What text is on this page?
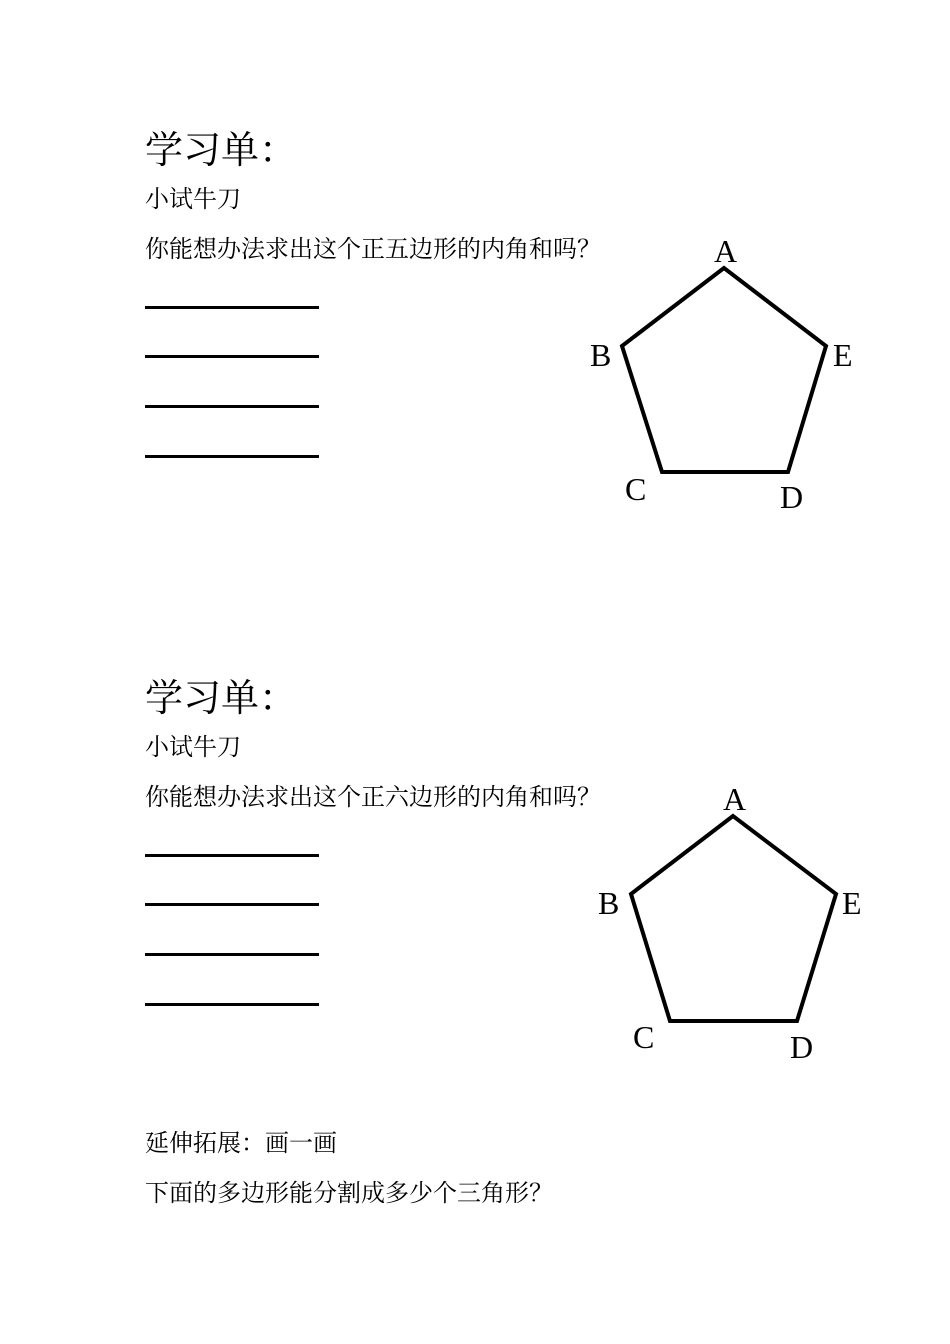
学习单：
小试牛刀
你能想办法求出这个正五边形的内角和吗？	A
B
C	D
E
学习单：
小试牛刀
你能想办法求出这个正六边形的内角和吗？	A
B
C	D
E
延伸拓展：画一画
下面的多边形能分割成多少个三角形？
